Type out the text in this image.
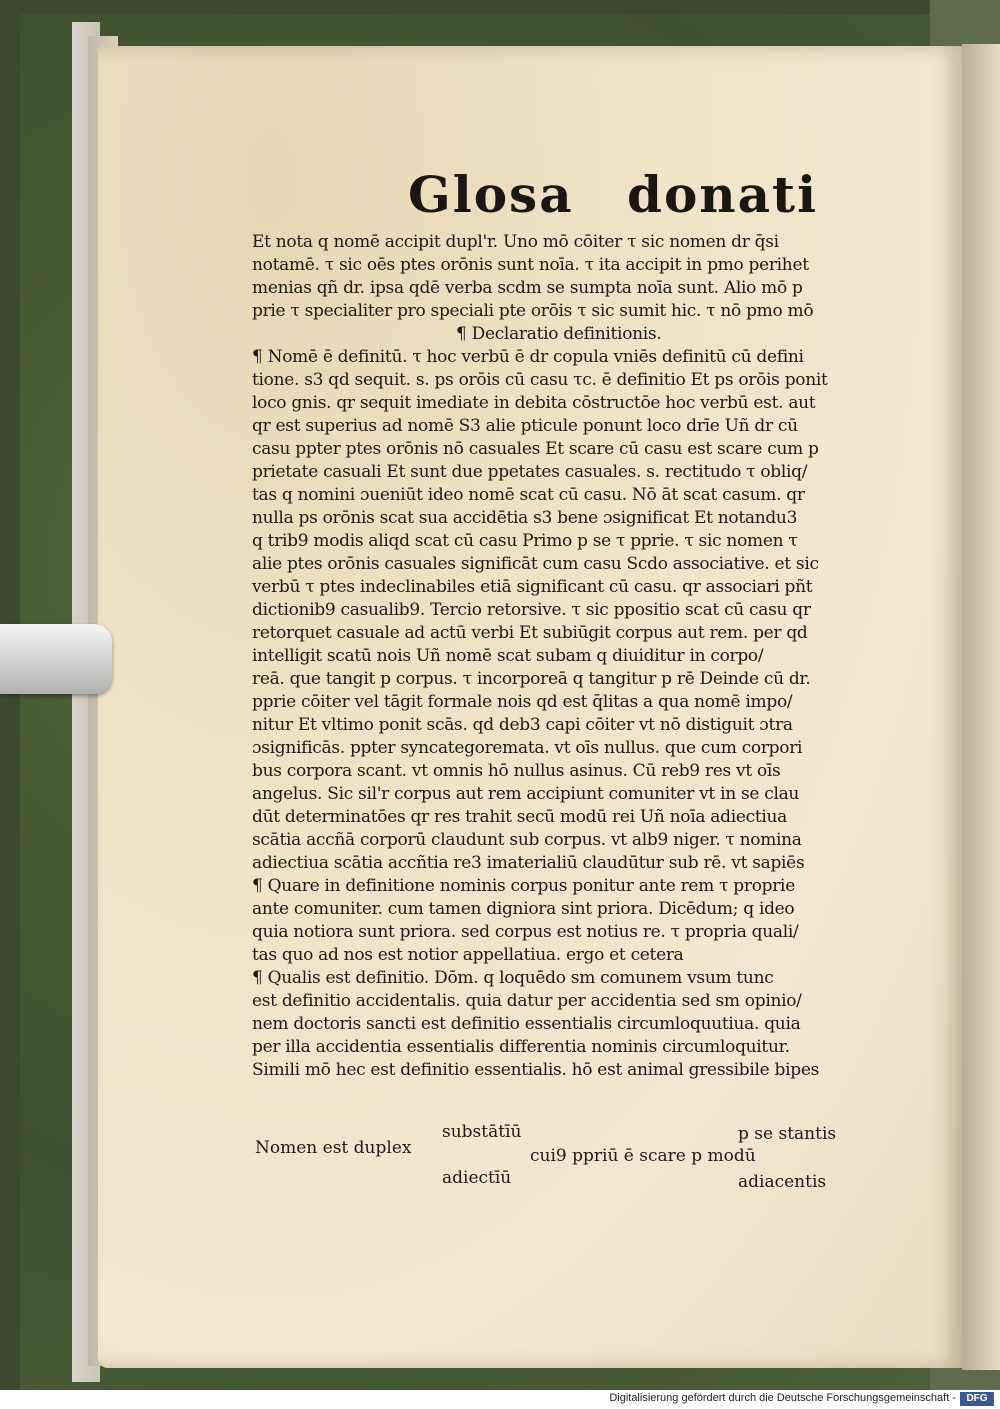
Glosa donati
Et nota q nomē accipit dupl'r. Uno mō cōiter τ sic nomen dr q̄si
notamē. τ sic oēs ptes orōnis sunt noīa. τ ita accipit in pmo perihet
menias qñ dr. ipsa qdē verba scdm se sumpta noīa sunt. Alio mō p
prie τ specialiter pro speciali pte orōis τ sic sumit hic. τ nō pmo mō
¶ Declaratio definitionis.
¶ Nomē ē definitū. τ hoc verbū ē dr copula vniēs definitū cū defini
tione. s3 qd sequit. s. ps orōis cū casu τc. ē definitio Et ps orōis ponit
loco gnis. qr sequit imediate in debita cōstructōe hoc verbū est. aut
qr est superius ad nomē S3 alie pticule ponunt loco drīe Uñ dr cū
casu ppter ptes orōnis nō casuales Et scare cū casu est scare cum p
prietate casuali Et sunt due ppetates casuales. s. rectitudo τ obliq/
tas q nomini ɔueniūt ideo nomē scat cū casu. Nō āt scat casum. qr
nulla ps orōnis scat sua accidētia s3 bene ɔsignificat Et notandu3
q trib9 modis aliqd scat cū casu Primo p se τ pprie. τ sic nomen τ
alie ptes orōnis casuales significāt cum casu Scdo associative. et sic
verbū τ ptes indeclinabiles etiā significant cū casu. qr associari pñt
dictionib9 casualib9. Tercio retorsive. τ sic ppositio scat cū casu qr
retorquet casuale ad actū verbi Et subiūgit corpus aut rem. per qd
intelligit scatū nois Uñ nomē scat subam q diuiditur in corpo/
reā. que tangit p corpus. τ incorporeā q tangitur p rē Deinde cū dr.
pprie cōiter vel tāgit formale nois qd est q̄litas a qua nomē impo/
nitur Et vltimo ponit scās. qd deb3 capi cōiter vt nō distiguit ɔtra
ɔsignificās. ppter syncategoremata. vt oīs nullus. que cum corpori
bus corpora scant. vt omnis hō nullus asinus. Cū reb9 res vt oīs
angelus. Sic sil'r corpus aut rem accipiunt comuniter vt in se clau
dūt determinatōes qr res trahit secū modū rei Uñ noīa adiectiua
scātia accñā corporū claudunt sub corpus. vt alb9 niger. τ nomina
adiectiua scātia accñtia re3 imaterialiū claudūtur sub rē. vt sapiēs
¶ Quare in definitione nominis corpus ponitur ante rem τ proprie
ante comuniter. cum tamen digniora sint priora. Dicēdum; q ideo
quia notiora sunt priora. sed corpus est notius re. τ propria quali/
tas quo ad nos est notior appellatiua. ergo et cetera
¶ Qualis est definitio. Dōm. q loquēdo sm comunem vsum tunc
est definitio accidentalis. quia datur per accidentia sed sm opinio/
nem doctoris sancti est definitio essentialis circumloquutiua. quia
per illa accidentia essentialis differentia nominis circumloquitur.
Simili mō hec est definitio essentialis. hō est animal gressibile bipes
substātīū	p se stantis
Nomen est duplex	cui9 ppriū ē scare p modū
adiectīū	adiacentis
Digitalisierung gefördert durch die Deutsche Forschungsgemeinschaft -	DFG
